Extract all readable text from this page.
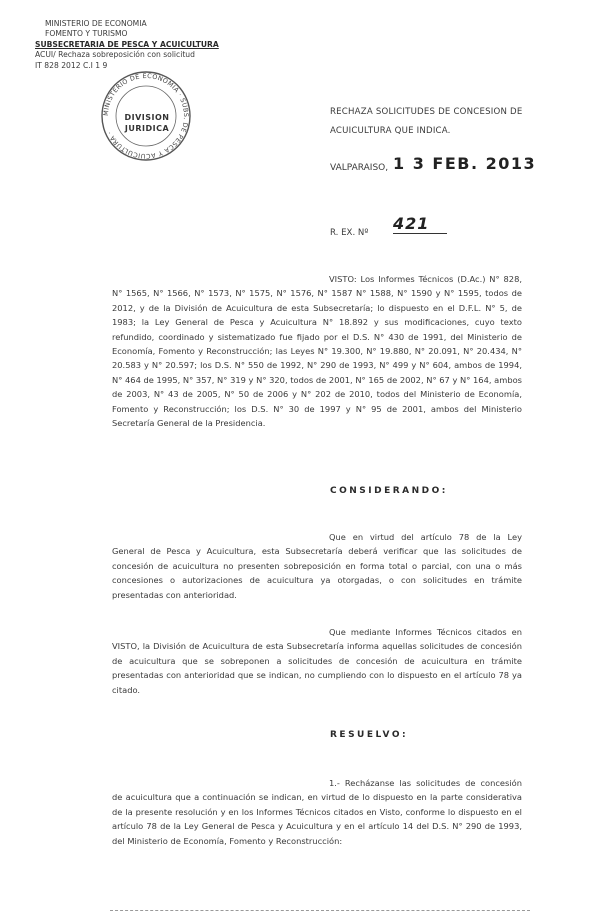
MINISTERIO DE ECONOMIA
FOMENTO Y TURISMO
SUBSECRETARIA DE PESCA Y ACUICULTURA
ACUI/ Rechaza sobreposición con solicitud
IT 828 2012 C.I 1 9
MINISTERIO DE ECONOMIA · SUBS. DE PESCA Y ACUICULTURA ·
DIVISION
JURIDICA
RECHAZA SOLICITUDES DE CONCESION DE
ACUICULTURA QUE INDICA.
VALPARAISO, 1 3 FEB. 2013
R. EX. Nº 421
VISTO: Los Informes Técnicos (D.Ac.) N° 828, N° 1565, N° 1566, N° 1573, N° 1575, N° 1576, N° 1587 N° 1588, N° 1590 y N° 1595, todos de 2012, y de la División de Acuicultura de esta Subsecretaría; lo dispuesto en el D.F.L. N° 5, de 1983; la Ley General de Pesca y Acuicultura N° 18.892 y sus modificaciones, cuyo texto refundido, coordinado y sistematizado fue fijado por el D.S. N° 430 de 1991, del Ministerio de Economía, Fomento y Reconstrucción; las Leyes N° 19.300, N° 19.880, N° 20.091, N° 20.434, N° 20.583 y N° 20.597; los D.S. N° 550 de 1992, N° 290 de 1993, N° 499 y N° 604, ambos de 1994, N° 464 de 1995, N° 357, N° 319 y N° 320, todos de 2001, N° 165 de 2002, N° 67 y N° 164, ambos de 2003, N° 43 de 2005, N° 50 de 2006 y N° 202 de 2010, todos del Ministerio de Economía, Fomento y Reconstrucción; los D.S. N° 30 de 1997 y N° 95 de 2001, ambos del Ministerio Secretaría General de la Presidencia.
CONSIDERANDO:
Que en virtud del artículo 78 de la Ley General de Pesca y Acuicultura, esta Subsecretaría deberá verificar que las solicitudes de concesión de acuicultura no presenten sobreposición en forma total o parcial, con una o más concesiones o autorizaciones de acuicultura ya otorgadas, o con solicitudes en trámite presentadas con anterioridad.
Que mediante Informes Técnicos citados en VISTO, la División de Acuicultura de esta Subsecretaría informa aquellas solicitudes de concesión de acuicultura que se sobreponen a solicitudes de concesión de acuicultura en trámite presentadas con anterioridad que se indican, no cumpliendo con lo dispuesto en el artículo 78 ya citado.
RESUELVO:
1.- Recházanse las solicitudes de concesión de acuicultura que a continuación se indican, en virtud de lo dispuesto en la parte considerativa de la presente resolución y en los Informes Técnicos citados en Visto, conforme lo dispuesto en el artículo 78 de la Ley General de Pesca y Acuicultura y en el artículo 14 del D.S. N° 290 de 1993, del Ministerio de Economía, Fomento y Reconstrucción:
